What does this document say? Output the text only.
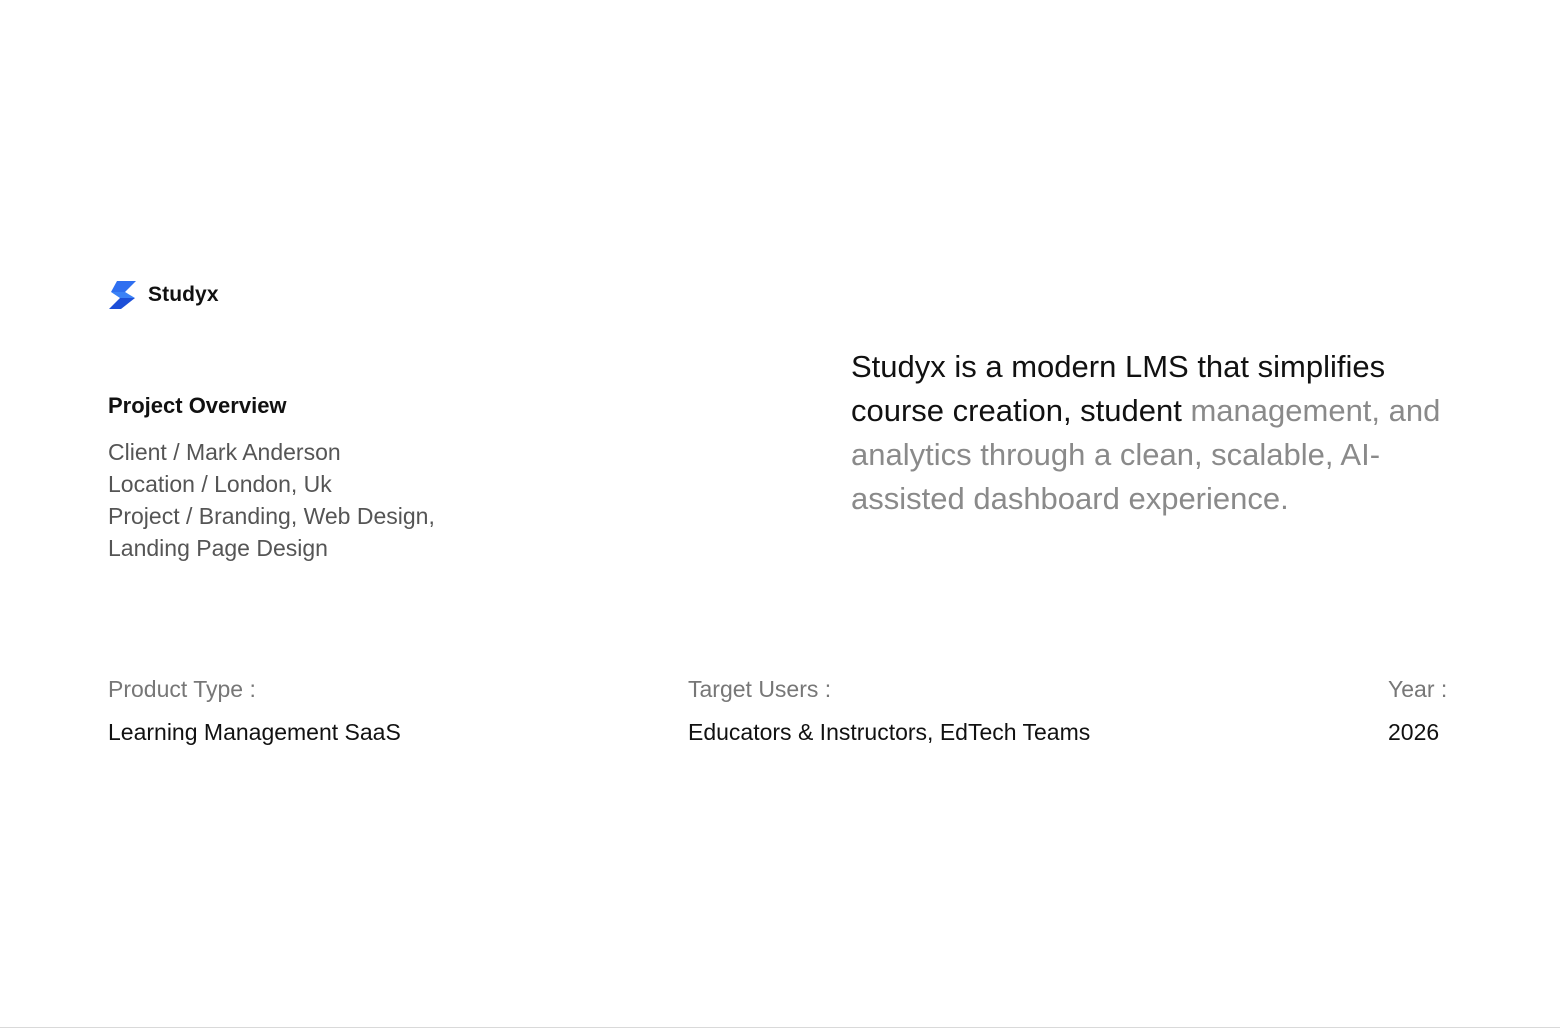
Studyx

Project Overview

Client / Mark Anderson

Location / London, Uk

Project / Branding, Web Design,

Landing Page Design

Studyx is a modern LMS that simplifies course creation, student management, and analytics through a clean, scalable, AI-assisted dashboard experience.

Product Type :

Learning Management SaaS

Target Users :

Educators & Instructors, EdTech Teams

Year :

2026
